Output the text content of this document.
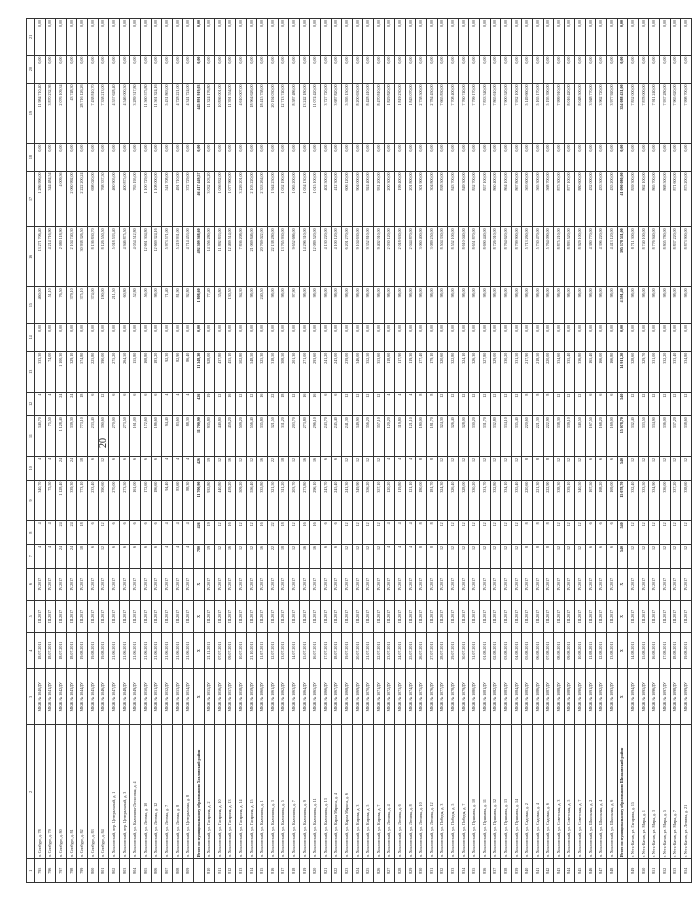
20
1	2	3	4	5	6	7	8	9	10	11	12	13	14	15	16	17	18	19	20	21
795	п. Снобург, д. 78	МКЖ № 1040ДУ	18.07.2011	III.2017	IV.2017	4	4	340,70	4	340,70	4	333,30	0,00	460,00	13 271 706,40	1 286 996,00	0,00	11 984 710,40	0,00	0,00
796	п. Снобург, д. 79	МКЖ № 1041ДУ	18.07.2011	III.2017	IV.2017	4	4	75,50	4	75,50	4	74,00	0,00	51,10	4 214 716,90	344 484,54	0,00	3 870 232,36	0,00	0,00
797	п. Снобург, д. 80	МКЖ № 1042ДУ	18.07.2011	III.2017	IV.2017	24	24	1 128,40	24	1 128,40	24	1 100,30	0,00	76,50	2 080 118,90	4 009,56	0,00	2 076 109,34	0,00	0,00
798	п. Снобург, д. 81	МКЖ № 1043ДУ	18.07.2011	III.2017	IV.2017	24	24	339,30	24	339,30	24	329,10	0,00	379,10	2 104 740,30	2 060 992,00	0,00	43 748,30	0,00	0,00
799	п. Снобург, д. 82	МКЖ № 1044ДУ	19.08.2011	III.2017	IV.2017	18	18	773,10	18	773,10	18	574,80	0,00	375,10	30 938 326,50	2 222 200,24	0,00	28 716 126,26	0,00	0,00
800	п. Снобург, д. 83	МКЖ № 1045ДУ	19.08.2011	III.2017	IV.2017	6	6	233,40	6	233,40	6	225,80	0,00	374,00	8 136 830,70	698 020,00	0,00	7 438 810,70	0,00	0,00
801	п. Снобург, д. 84	МКЖ № 1046ДУ	19.08.2011	III.2017	IV.2017	12	12	390,60	12	390,60	12	390,00	0,00	190,00	8 126 550,50	768 337,50	0,00	7 358 213,00	0,00	0,00
802	п. Хохловский, пер. Центральный, д. 1	МКЖ № 1047ДУ	21.06.2011	III.2017	IV.2017	6	6	270,00	6	270,00	6	275,20	0,00	211,50	5 018 533,40	460 905,00	0,00	4 557 628,40	0,00	0,00
803	п. Хохловский, пер. Центральный, д. 3	МКЖ № 1048ДУ	21.06.2011	III.2017	IV.2017	6	6	273,50	6	273,50	6	264,50	0,00	60,80	4 946 875,50	400 875,00	0,00	4 546 000,50	0,00	0,00
804	п. Хохловский, ул. Калинина-Лесхозная, д. 4	МКЖ № 1049ДУ	21.06.2011	III.2017	IV.2017	6	6	161,00	6	161,00	6	155,80	0,00	52,80	4 054 512,80	765 195,00	0,00	3 289 317,80	0,00	0,00
805	п. Хохловский, ул. Лесная, д. 10	МКЖ № 1050ДУ	21.06.2011	III.2017	IV.2017	6	6	172,60	6	172,60	6	168,80	0,00	56,00	12 661 304,80	1 100 729,00	0,00	11 560 575,80	0,00	0,00
806	п. Хохловский, ул. Лесная, д. 12	МКЖ № 1051ДУ	21.06.2011	III.2017	IV.2017	6	6	186,60	6	186,60	6	183,20	0,00	98,00	12 669 324,16	1 108 000,00	0,00	11 561 324,16	0,00	0,00
807	п. Хохловский, ул. Лесная, д. 7	МКЖ № 1052ДУ	21.06.2011	III.2017	IV.2017	4	4	94,40	4	94,40	4	92,30	0,00	71,40	5 973 571,00	541 708,00	0,00	5 431 863,00	0,00	0,00
808	п. Хохловский, ул. Лесная, д. 8	МКЖ № 1053ДУ	21.06.2011	III.2017	IV.2017	4	4	83,60	4	83,60	4	82,90	0,00	81,90	5 219 931,00	491 710,00	0,00	4 728 221,00	0,00	0,00
809	п. Хохловский, ул. Центральная, д. 8	МКЖ № 1054ДУ	21.06.2011	III.2017	IV.2017	4	4	88,30	4	88,30	4	86,40	0,00	92,80	4 714 453,00	372 729,00	0,00	4 341 724,00	0,00	0,00
	Итого по муниципальному образованию Хохловский район	X	X	X	X	780	426	11 700,90	426	11 700,90	426	11 348,30	0,00	1 808,60	492 309 368,60	46 417 449,57	0,00	445 891 919,03	0,00	0,00
810	п. Хохловский, ул. Гагарина, д. 2	МКЖ № 1055ДУ	21.11.2011	III.2017	IV.2017	19	19	935,80	19	935,80	19	928,00	0,00	77,40	14 356 280,00	3 032 103,20	0,00	11 324 176,80	0,00	0,00
811	п. Хохловский, ул. Гагарина, д. 10	МКЖ № 1056ДУ	07.07.2011	III.2017	IV.2017	12	12	440,80	12	440,80	12	437,80	0,00	35,80	11 892 833,00	1 056 832,00	0,00	10 836 001,00	0,00	0,00
812	п. Хохловский, ул. Гагарина, д. 13	МКЖ № 1057ДУ	09.07.2011	III.2017	IV.2017	16	16	459,20	16	459,20	16	455,10	0,00	130,50	12 469 514,00	1 077 960,00	0,00	11 391 554,00	0,00	0,00
813	п. Хохловский, ул. Гагарина, д. 14	МКЖ № 1058ДУ	10.07.2011	III.2017	IV.2017	12	12	509,20	12	509,20	12	502,80	0,00	94,30	7 836 208,00	3 226 201,00	0,00	4 610 007,00	0,00	0,00
814	п. Хохловский, ул. Гагарина, д. 15	МКЖ № 1059ДУ	21.10.2011	III.2017	IV.2017	12	12	556,40	12	556,40	12	548,50	0,00	98,00	21 069 846,00	2 105 220,00	0,00	18 964 626,00	0,00	0,00
815	п. Хохловский, ул. Калинина, д. 1	МКЖ № 1060ДУ	11.07.2011	III.2017	IV.2017	16	16	335,80	16	335,80	16	325,30	0,00	240,50	20 769 022,00	2 353 264,00	0,00	18 415 758,00	0,00	0,00
816	п. Хохловский, ул. Калинина, д. 3	МКЖ № 1061ДУ	12.07.2011	III.2017	IV.2017	22	22	321,50	22	321,50	22	318,50	0,00	98,00	22 138 280,00	1 944 250,00	0,00	20 194 030,00	0,00	0,00
817	п. Хохловский, ул. Калинина, д. 5	МКЖ № 1062ДУ	13.07.2011	III.2017	IV.2017	18	18	311,20	18	311,20	18	308,50	0,00	98,00	13 765 930,00	1 052 190,00	0,00	12 713 740,00	0,00	0,00
818	п. Хохловский, ул. Калинина, д. 7	МКЖ № 1063ДУ	14.07.2011	III.2017	IV.2017	12	12	203,70	12	203,70	12	201,30	0,00	97,90	9 652 686,00	1 065 200,00	0,00	8 587 486,00	0,00	0,00
819	п. Хохловский, ул. Калинина, д. 9	МКЖ № 1064ДУ	15.07.2011	III.2017	IV.2017	16	16	273,80	16	273,80	16	271,00	0,00	98,00	14 296 310,00	1 054 130,00	0,00	13 242 180,00	0,00	0,00
820	п. Хохловский, ул. Калинина, д. 11	МКЖ № 1065ДУ	16.07.2011	III.2017	IV.2017	16	16	296,10	16	296,10	16	293,60	0,00	98,00	12 089 520,00	1 015 100,00	0,00	11 074 420,00	0,00	0,00
821	п. Хохловский, ул. Калинина, д. 13	МКЖ № 1066ДУ	17.07.2011	III.2017	IV.2017	6	6	243,70	6	243,70	6	241,20	0,00	98,00	4 130 220,00	402 500,00	0,00	3 727 720,00	0,00	0,00
822	п. Хохловский, ул. Карла Маркса, д. 4	МКЖ № 1067ДУ	18.07.2011	III.2017	IV.2017	6	6	245,40	6	245,40	6	243,00	0,00	98,00	4 100 120,00	412 300,00	0,00	3 687 820,00	0,00	0,00
823	п. Хохловский, ул. Карла Маркса, д. 6	МКЖ № 1068ДУ	19.07.2011	III.2017	IV.2017	12	12	241,30	12	241,30	12	239,00	0,00	98,00	6 201 270,00	606 120,00	0,00	5 595 150,00	0,00	0,00
824	п. Хохловский, ул. Кирова, д. 3	МКЖ № 1069ДУ	20.07.2011	III.2017	IV.2017	12	12	349,90	12	349,90	12	346,00	0,00	98,00	9 104 630,00	904 000,00	0,00	8 200 630,00	0,00	0,00
825	п. Хохловский, ул. Кирова, д. 5	МКЖ № 1070ДУ	21.07.2011	III.2017	IV.2017	12	12	356,20	12	356,20	12	352,50	0,00	98,00	9 352 810,00	924 400,00	0,00	8 428 410,00	0,00	0,00
826	п. Хохловский, ул. Кирова, д. 7	МКЖ № 1071ДУ	22.07.2011	III.2017	IV.2017	12	12	357,10	12	357,10	12	353,60	0,00	98,00	9 402 010,00	931 200,00	0,00	8 470 810,00	0,00	0,00
827	п. Хохловский, ул. Ленина, д. 4	МКЖ № 1072ДУ	23.07.2011	III.2017	IV.2017	4	4	120,20	4	120,20	4	118,60	0,00	98,00	2 030 120,00	200 300,00	0,00	1 829 820,00	0,00	0,00
828	п. Хохловский, ул. Ленина, д. 6	МКЖ № 1073ДУ	24.07.2011	III.2017	IV.2017	4	4	119,80	4	119,80	4	117,90	0,00	98,00	2 018 630,00	199 400,00	0,00	1 819 230,00	0,00	0,00
829	п. Хохловский, ул. Ленина, д. 8	МКЖ № 1074ДУ	25.07.2011	III.2017	IV.2017	4	4	121,10	4	121,10	4	119,30	0,00	98,00	2 044 870,00	201 800,00	0,00	1 843 070,00	0,00	0,00
830	п. Хохловский, ул. Ленина, д. 10	МКЖ № 1075ДУ	26.07.2011	III.2017	IV.2017	8	8	180,00	8	180,00	8	177,40	0,00	98,00	3 060 400,00	301 900,00	0,00	2 758 500,00	0,00	0,00
831	п. Хохловский, ул. Ленина, д. 12	МКЖ № 1076ДУ	27.07.2011	III.2017	IV.2017	8	8	181,70	8	181,70	8	179,10	0,00	98,00	3 089 250,00	304 800,00	0,00	2 784 450,00	0,00	0,00
832	п. Хохловский, ул. Победы, д. 3	МКЖ № 1077ДУ	28.07.2011	III.2017	IV.2017	12	12	324,30	12	324,30	12	320,60	0,00	98,00	8 504 330,00	838 500,00	0,00	7 665 830,00	0,00	0,00
833	п. Хохловский, ул. Победы, д. 5	МКЖ № 1078ДУ	29.07.2011	III.2017	IV.2017	12	12	326,40	12	326,40	12	322,80	0,00	98,00	8 552 100,00	843 700,00	0,00	7 708 400,00	0,00	0,00
834	п. Хохловский, ул. Победы, д. 7	МКЖ № 1079ДУ	30.07.2011	III.2017	IV.2017	12	12	328,00	12	328,00	12	324,10	0,00	98,00	8 610 040,00	849 300,00	0,00	7 760 740,00	0,00	0,00
835	п. Хохловский, ул. Пушкина, д. 10	МКЖ № 1080ДУ	31.07.2011	III.2017	IV.2017	12	12	330,20	12	330,20	12	326,30	0,00	98,00	8 651 870,00	852 700,00	0,00	7 799 170,00	0,00	0,00
836	п. Хохловский, ул. Пушкина, д. 11	МКЖ № 1081ДУ	01.08.2011	III.2017	IV.2017	12	12	331,70	12	331,70	12	327,80	0,00	98,00	8 690 440,00	857 100,00	0,00	7 833 340,00	0,00	0,00
837	п. Хохловский, ул. Пушкина, д. 12	МКЖ № 1082ДУ	02.08.2011	III.2017	IV.2017	12	12	332,80	12	332,80	12	329,00	0,00	98,00	8 726 010,00	860 400,00	0,00	7 865 610,00	0,00	0,00
838	п. Хохловский, ул. Пушкина, д. 13	МКЖ № 1083ДУ	03.08.2011	III.2017	IV.2017	12	12	334,10	12	334,10	12	330,20	0,00	98,00	8 764 620,00	864 100,00	0,00	7 900 520,00	0,00	0,00
839	п. Хохловский, ул. Пушкина, д. 14	МКЖ № 1084ДУ	04.08.2011	III.2017	IV.2017	12	12	335,40	12	335,40	12	331,50	0,00	98,00	8 799 900,00	867 800,00	0,00	7 932 100,00	0,00	0,00
840	п. Хохловский, ул. Садовая, д. 2	МКЖ № 1085ДУ	05.08.2011	III.2017	IV.2017	8	8	220,60	8	220,60	8	217,90	0,00	98,00	5 713 260,00	563 600,00	0,00	5 149 660,00	0,00	0,00
841	п. Хохловский, ул. Садовая, д. 4	МКЖ № 1086ДУ	06.08.2011	III.2017	IV.2017	8	8	221,30	8	221,30	8	218,50	0,00	98,00	5 730 470,00	565 300,00	0,00	5 165 170,00	0,00	0,00
842	п. Хохловский, ул. Садовая, д. 6	МКЖ № 1087ДУ	07.08.2011	III.2017	IV.2017	8	8	222,90	8	222,90	8	220,00	0,00	98,00	5 764 090,00	568 700,00	0,00	5 195 390,00	0,00	0,00
843	п. Хохловский, ул. Советская, д. 3	МКЖ № 1088ДУ	08.08.2011	III.2017	IV.2017	12	12	338,30	12	338,30	12	334,60	0,00	98,00	8 875 210,00	875 300,00	0,00	7 999 910,00	0,00	0,00
844	п. Хохловский, ул. Советская, д. 5	МКЖ № 1089ДУ	09.08.2011	III.2017	IV.2017	12	12	339,10	12	339,10	12	335,40	0,00	98,00	8 893 520,00	877 100,00	0,00	8 016 420,00	0,00	0,00
845	п. Хохловский, ул. Советская, д. 7	МКЖ № 1090ДУ	10.08.2011	III.2017	IV.2017	12	12	340,50	12	340,50	12	336,80	0,00	98,00	8 929 100,00	880 600,00	0,00	8 048 500,00	0,00	0,00
846	п. Хохловский, ул. Школьная, д. 2	МКЖ № 1091ДУ	11.08.2011	III.2017	IV.2017	6	6	167,50	6	167,50	6	165,40	0,00	98,00	4 380 770,00	432 000,00	0,00	3 948 770,00	0,00	0,00
847	п. Хохловский, ул. Школьная, д. 4	МКЖ № 1092ДУ	12.08.2011	III.2017	IV.2017	6	6	168,20	6	168,20	6	166,00	0,00	98,00	4 396 220,00	433 500,00	0,00	3 962 720,00	0,00	0,00
848	п. Хохловский, ул. Школьная, д. 6	МКЖ № 1093ДУ	13.08.2011	III.2017	IV.2017	6	6	169,00	6	169,00	6	166,80	0,00	98,00	4 413 120,00	435 200,00	0,00	3 977 920,00	0,00	0,00
	Итого по муниципальному образованию Шпаковский район	X	X	X	X	540	540	15 078,70	540	15 078,70	540	14 911,20	0,00	4 591,40	395 178 511,00	41 090 080,00	0,00	354 088 431,00	0,00	0,00
849	г. Усть-Катав, ул. Гагарина, д. 15	МКЖ № 1094ДУ	14.08.2011	III.2017	IV.2017	12	12	332,40	12	332,40	12	328,60	0,00	98,00	8 711 300,00	859 300,00	0,00	7 852 000,00	0,00	0,00
850	г. Усть-Катав, ул. Мира, д. 1	МКЖ № 1095ДУ	15.08.2011	III.2017	IV.2017	12	12	333,50	12	333,50	12	329,70	0,00	98,00	8 740 100,00	862 100,00	0,00	7 878 000,00	0,00	0,00
851	г. Усть-Катав, ул. Мира, д. 3	МКЖ № 1096ДУ	16.08.2011	III.2017	IV.2017	12	12	334,90	12	334,90	12	331,00	0,00	98,00	8 776 940,00	865 700,00	0,00	7 911 240,00	0,00	0,00
852	г. Усть-Катав, ул. Мира, д. 5	МКЖ № 1097ДУ	17.08.2011	III.2017	IV.2017	12	12	336,00	12	336,00	12	332,20	0,00	98,00	8 805 780,00	868 500,00	0,00	7 937 280,00	0,00	0,00
853	г. Усть-Катав, ул. Мира, д. 7	МКЖ № 1098ДУ	18.08.2011	III.2017	IV.2017	12	12	337,20	12	337,20	12	333,40	0,00	98,00	8 837 220,00	871 600,00	0,00	7 965 620,00	0,00	0,00
854	г. Усть-Катав, ул. Ленина, д. 21	МКЖ № 1099ДУ	19.08.2011	III.2017	IV.2017	12	12	338,60	12	338,60	12	334,80	0,00	98,00	8 873 900,00	875 200,00	0,00	7 998 700,00	0,00	0,00
